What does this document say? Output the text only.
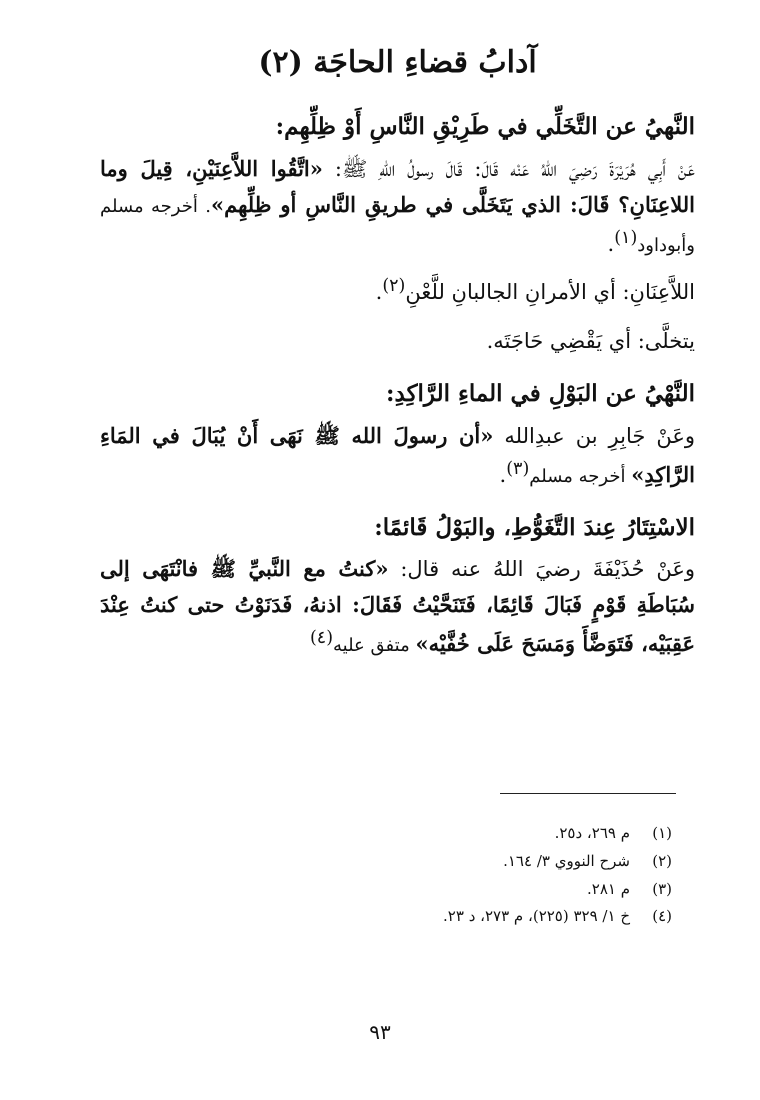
آدابُ قضاءِ الحاجَة (٢)
النَّهيُ عن التَّخَلِّي في طَرِيْقِ النَّاسِ أَوْ ظِلِّهِم:

عَنْ أَبِي هُرَيْرَةَ رَضِيَ اللهُ عَنْه قَالَ: قَالَ رسولُ اللهِ ﷺ: «اتَّقُوا اللاَّعِنَيْنِ، قِيلَ وما اللاعِنَانِ؟ قَالَ: الذي يَتَخَلَّى في طريقِ النَّاسِ أو ظِلِّهِم». أخرجه مسلم وأبوداود$^{(١)}$.

اللاَّعِنَانِ: أي الأمرانِ الجالبانِ للَّعْنِ$^{(٢)}$.

يتخلَّى: أي يَقْضِي حَاجَتَه.

النَّهْيُ عن البَوْلِ في الماءِ الرَّاكِدِ:

وعَنْ جَابِرِ بن عبدِالله «أن رسولَ الله ﷺ نَهَى أَنْ يُبَالَ في المَاءِ الرَّاكِدِ» أخرجه مسلم$^{(٣)}$.

الاسْتِتَارُ عِندَ التَّغَوُّطِ، والبَوْلُ قَائمًا:

وعَنْ حُذَيْفَةَ رضيَ اللهُ عنه قال: «كنتُ مع النَّبيِّ ﷺ فانْتَهَى إلى سُبَاطَةِ قَوْمٍ فَبَالَ قَائِمًا، فَتَنَحَّيْتُ فَقَالَ: اذنهُ، فَدَنَوْتُ حتى كنتُ عِنْدَ عَقِبَيْه، فَتَوَضَّأَ وَمَسَحَ عَلَى خُفَّيْه» متفق عليه$^{(٤)}$

(١)
م ٢٦٩، د٢٥.
(٢)
شرح النووي ٣/ ١٦٤.
(٣)
م ٢٨١.
(٤)
خ ١/ ٣٢٩ (٢٢٥)، م ٢٧٣، د ٢٣.
٩٣
